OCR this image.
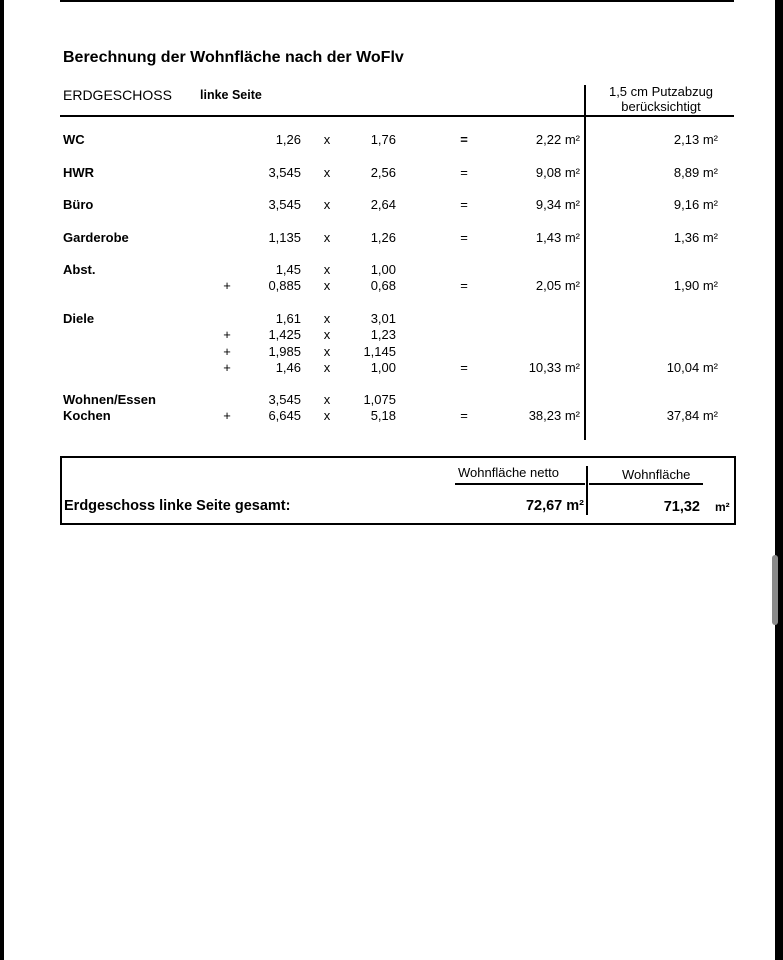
Berechnung der Wohnfläche nach der WoFlv
ERDGESCHOSS linke Seite	1,5 cm Putzabzug
berücksichtigt
WC	1,26 x	1,76	=	2,22 m²	2,13 m²
HWR	3,545 x	2,56	=	9,08 m²	8,89 m²
Büro	3,545 x	2,64	=	9,34 m²	9,16 m²
Garderobe	1,135 x	1,26	=	1,43 m²	1,36 m²
Abst.	1,45 x	1,00
+	0,885 x	0,68	=	2,05 m²	1,90 m²
Diele	1,61 x	3,01
+	1,425 x	1,23
+	1,985 x	1,145
+	1,46 x	1,00	=	10,33 m²	10,04 m²
Wohnen/Essen	3,545 x	1,075
Kochen	+	6,645 x	5,18	=	38,23 m²	37,84 m²
Wohnfläche netto	Wohnfläche
Erdgeschoss linke Seite gesamt:	72,67 m²	71,32 m²
